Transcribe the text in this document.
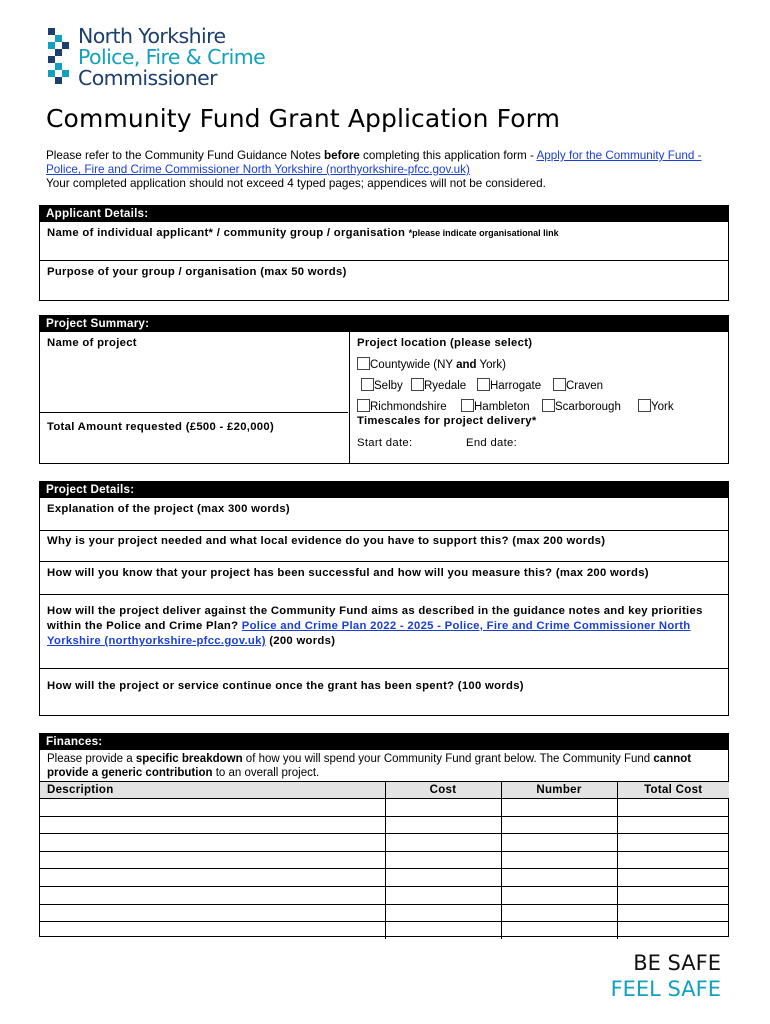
North Yorkshire
Police, Fire & Crime
Commissioner
Community Fund Grant Application Form
Please refer to the Community Fund Guidance Notes before completing this application form - Apply for the Community Fund - Police, Fire and Crime Commissioner North Yorkshire (northyorkshire-pfcc.gov.uk)
Your completed application should not exceed 4 typed pages; appendices will not be considered.
Applicant Details:
Name of individual applicant* / community group / organisation *please indicate organisational link
Purpose of your group / organisation (max 50 words)
Project Summary:
Name of project	Project location (please select)
Countywide (NY and York)
Selby	Ryedale	Harrogate	Craven
Richmondshire	Hambleton	Scarborough	York
Timescales for project delivery*
Start date:	End date:
Total Amount requested (£500 - £20,000)
Project Details:
Explanation of the project (max 300 words)
Why is your project needed and what local evidence do you have to support this? (max 200 words)
How will you know that your project has been successful and how will you measure this? (max 200 words)
How will the project deliver against the Community Fund aims as described in the guidance notes and key priorities within the Police and Crime Plan? Police and Crime Plan 2022 - 2025 - Police, Fire and Crime Commissioner North Yorkshire (northyorkshire-pfcc.gov.uk) (200 words)
How will the project or service continue once the grant has been spent? (100 words)
Finances:
Please provide a specific breakdown of how you will spend your Community Fund grant below. The Community Fund cannot provide a generic contribution to an overall project.
Description	Cost	Number	Total Cost

BE SAFE
FEEL SAFE
